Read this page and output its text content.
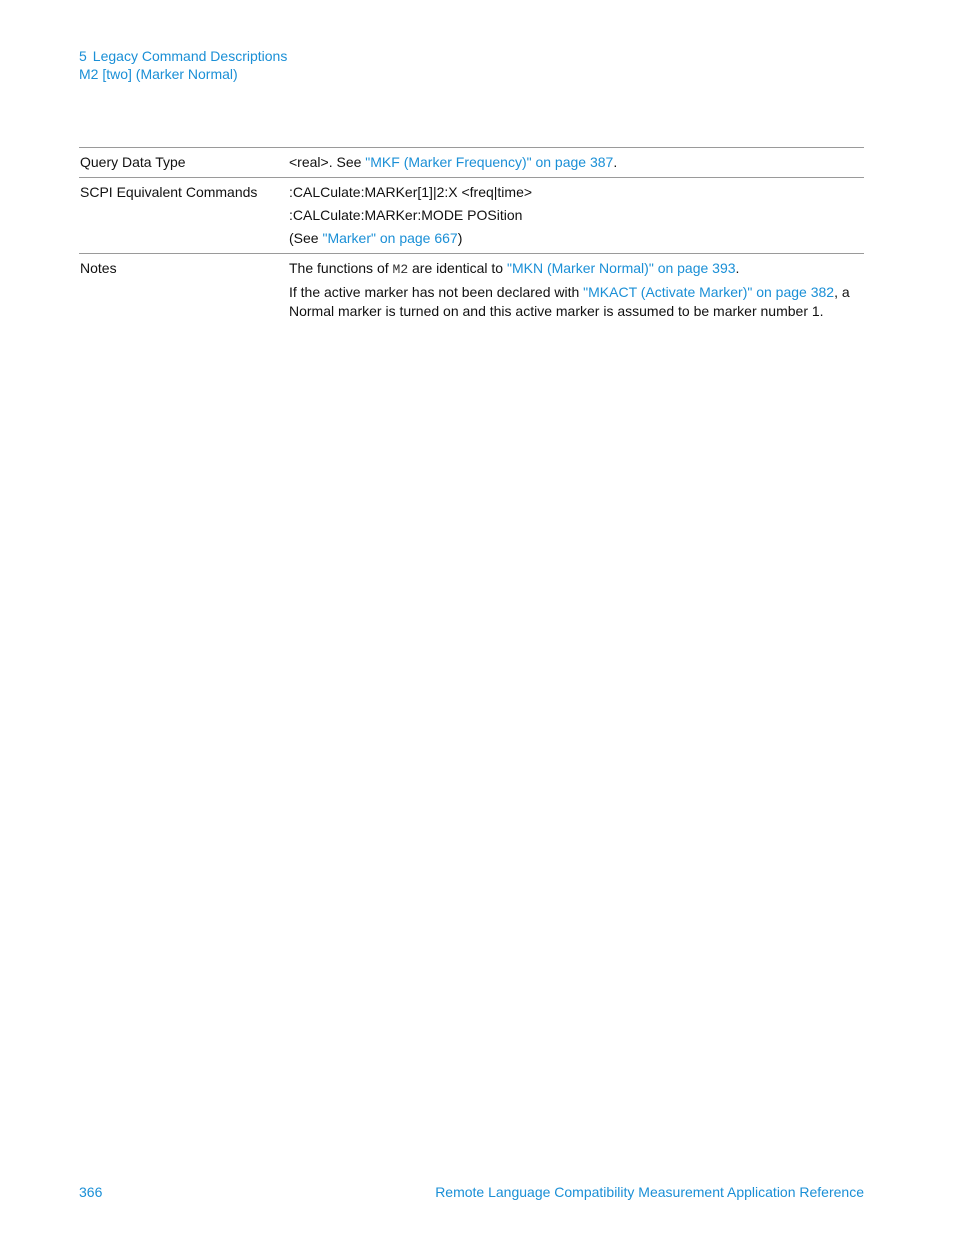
5 Legacy Command Descriptions
M2 [two] (Marker Normal)
Query Data Type	<real>. See "MKF (Marker Frequency)" on page 387.

SCPI Equivalent Commands	:CALCulate:MARKer[1]|2:X <freq|time>

:CALCulate:MARKer:MODE POSition

(See "Marker" on page 667)

Notes	The functions of M2 are identical to "MKN (Marker Normal)" on page 393.

If the active marker has not been declared with "MKACT (Activate Marker)" on page 382, a Normal marker is turned on and this active marker is assumed to be marker number 1.

366	Remote Language Compatibility Measurement Application Reference
